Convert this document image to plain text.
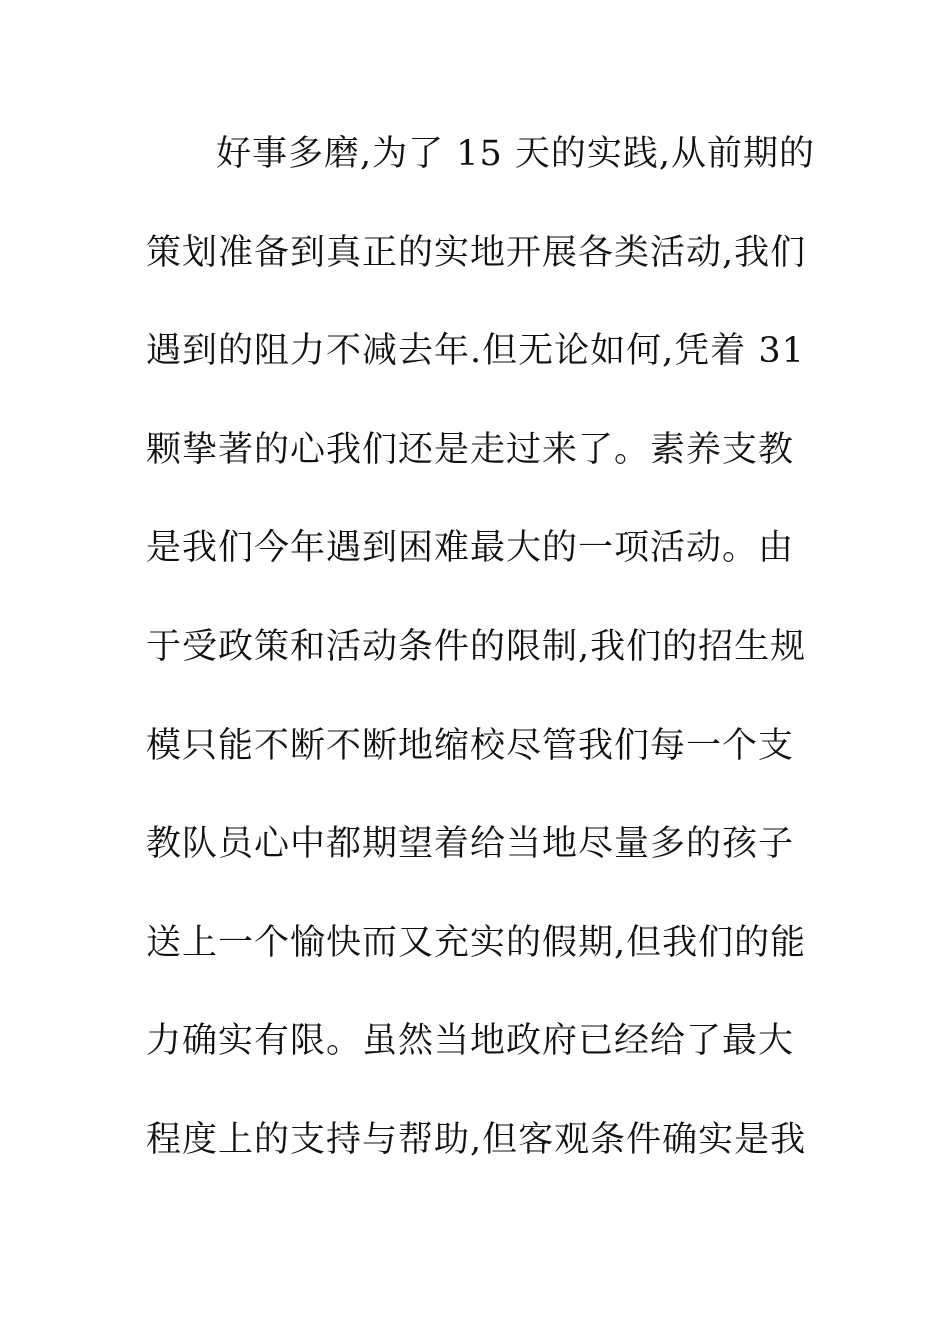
好事多磨,为了 15 天的实践,从前期的
策划准备到真正的实地开展各类活动,我们
遇到的阻力不减去年.但无论如何,凭着 31
颗挚著的心我们还是走过来了。素养支教
是我们今年遇到困难最大的一项活动。由
于受政策和活动条件的限制,我们的招生规
模只能不断不断地缩校尽管我们每一个支
教队员心中都期望着给当地尽量多的孩子
送上一个愉快而又充实的假期,但我们的能
力确实有限。虽然当地政府已经给了最大
程度上的支持与帮助,但客观条件确实是我
